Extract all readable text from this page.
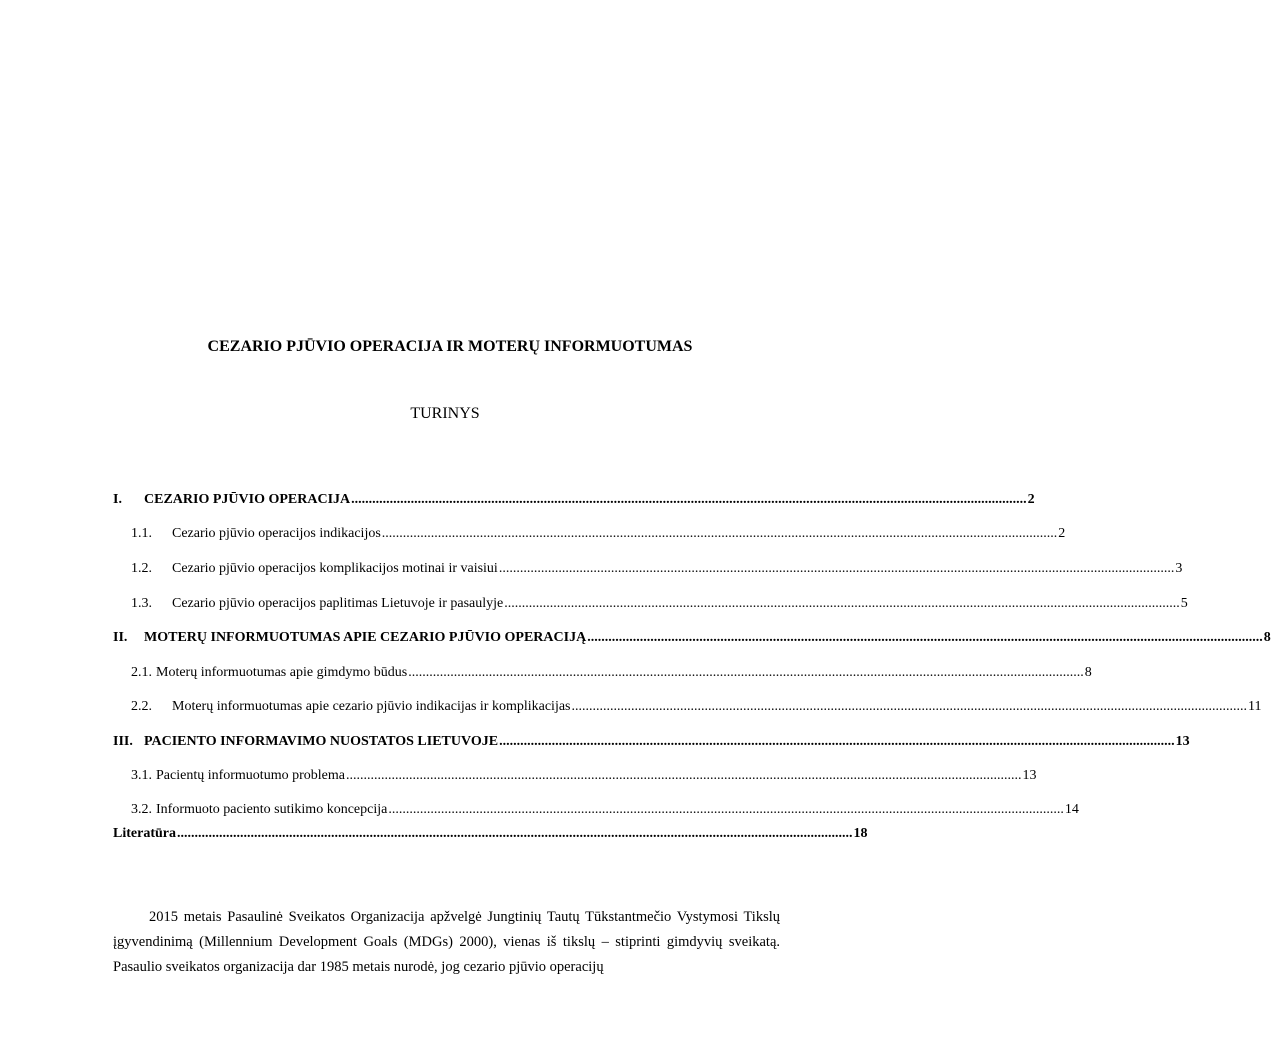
CEZARIO PJŪVIO OPERACIJA IR MOTERŲ INFORMUOTUMAS
TURINYS
I. CEZARIO PJŪVIO OPERACIJA ................................................................................................................................................................................................. 2
1.1. Cezario pjūvio operacijos indikacijos ................................................................................................................................................................................................. 2
1.2. Cezario pjūvio operacijos komplikacijos motinai ir vaisiui ................................................................................................................................................................................................. 3
1.3. Cezario pjūvio operacijos paplitimas Lietuvoje ir pasaulyje ................................................................................................................................................................................................. 5
II. MOTERŲ INFORMUOTUMAS APIE CEZARIO PJŪVIO OPERACIJĄ ................................................................................................................................................................................................. 8
2.1. Moterų informuotumas apie gimdymo būdus ................................................................................................................................................................................................. 8
2.2. Moterų informuotumas apie cezario pjūvio indikacijas ir komplikacijas ................................................................................................................................................................................................. 11
III. PACIENTO INFORMAVIMO NUOSTATOS LIETUVOJE ................................................................................................................................................................................................. 13
3.1. Pacientų informuotumo problema ................................................................................................................................................................................................. 13
3.2. Informuoto paciento sutikimo koncepcija ................................................................................................................................................................................................. 14
Literatūra ................................................................................................................................................................................................. 18
2015 metais Pasaulinė Sveikatos Organizacija apžvelgė Jungtinių Tautų Tūkstantmečio Vystymosi Tikslų įgyvendinimą (Millennium Development Goals (MDGs) 2000), vienas iš tikslų – stiprinti gimdyvių sveikatą. Pasaulio sveikatos organizacija dar 1985 metais nurodė, jog cezario pjūvio operacijų
